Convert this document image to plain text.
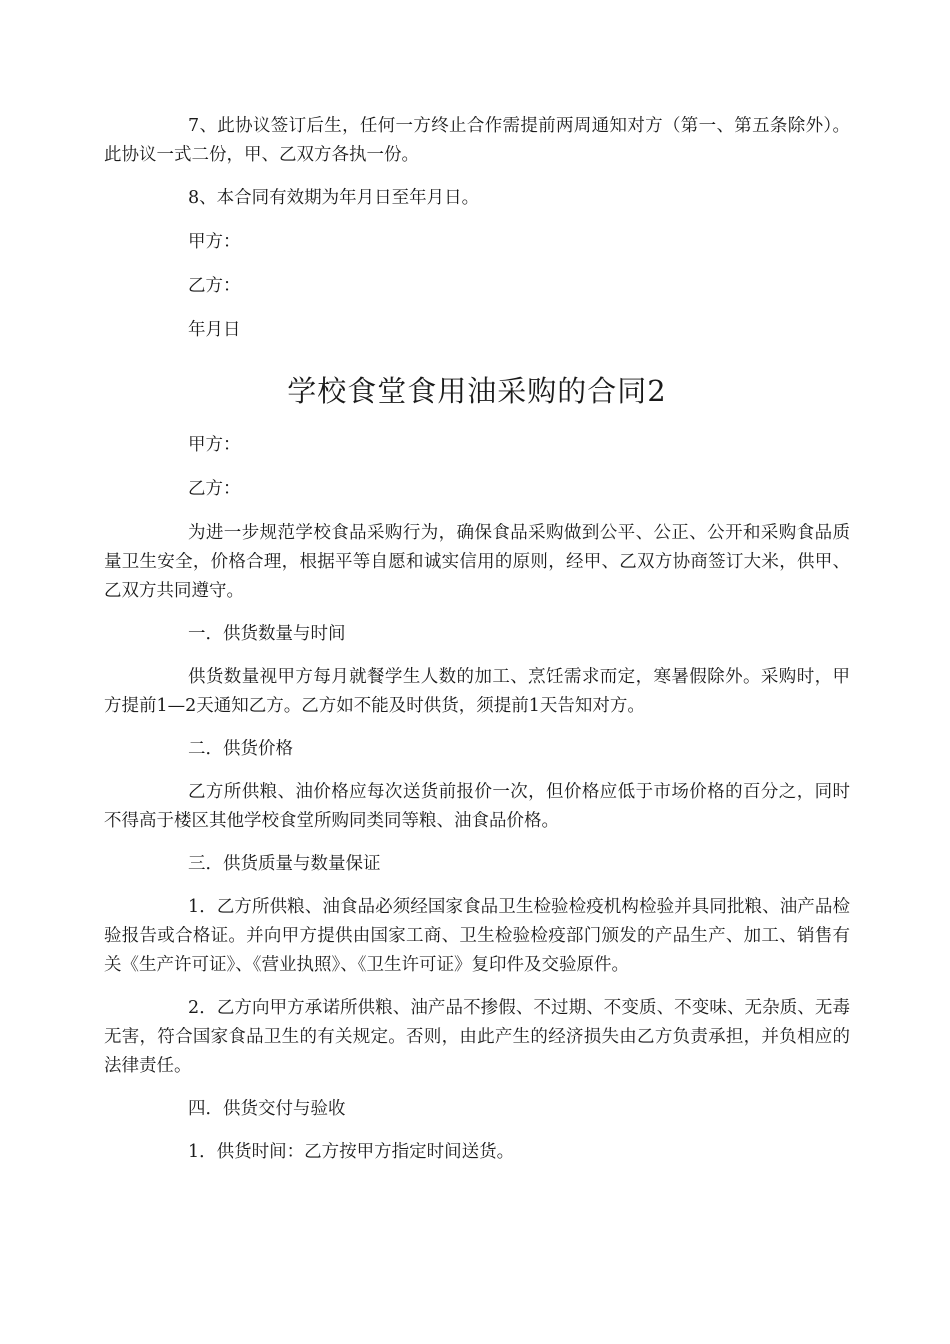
7、此协议签订后生，任何一方终止合作需提前两周通知对方（第一、第五条除外）。此协议一式二份，甲、乙双方各执一份。

8、本合同有效期为年月日至年月日。

甲方：

乙方：

年月日

学校食堂食用油采购的合同2

甲方：

乙方：

为进一步规范学校食品采购行为，确保食品采购做到公平、公正、公开和采购食品质量卫生安全，价格合理，根据平等自愿和诚实信用的原则，经甲、乙双方协商签订大米，供甲、乙双方共同遵守。

一．供货数量与时间

供货数量视甲方每月就餐学生人数的加工、烹饪需求而定，寒暑假除外。采购时，甲方提前1—2天通知乙方。乙方如不能及时供货，须提前1天告知对方。

二．供货价格

乙方所供粮、油价格应每次送货前报价一次，但价格应低于市场价格的百分之，同时不得高于楼区其他学校食堂所购同类同等粮、油食品价格。

三．供货质量与数量保证

1．乙方所供粮、油食品必须经国家食品卫生检验检疫机构检验并具同批粮、油产品检验报告或合格证。并向甲方提供由国家工商、卫生检验检疫部门颁发的产品生产、加工、销售有关《生产许可证》、《营业执照》、《卫生许可证》复印件及交验原件。

2．乙方向甲方承诺所供粮、油产品不掺假、不过期、不变质、不变味、无杂质、无毒无害，符合国家食品卫生的有关规定。否则，由此产生的经济损失由乙方负责承担，并负相应的法律责任。

四．供货交付与验收

1．供货时间：乙方按甲方指定时间送货。
